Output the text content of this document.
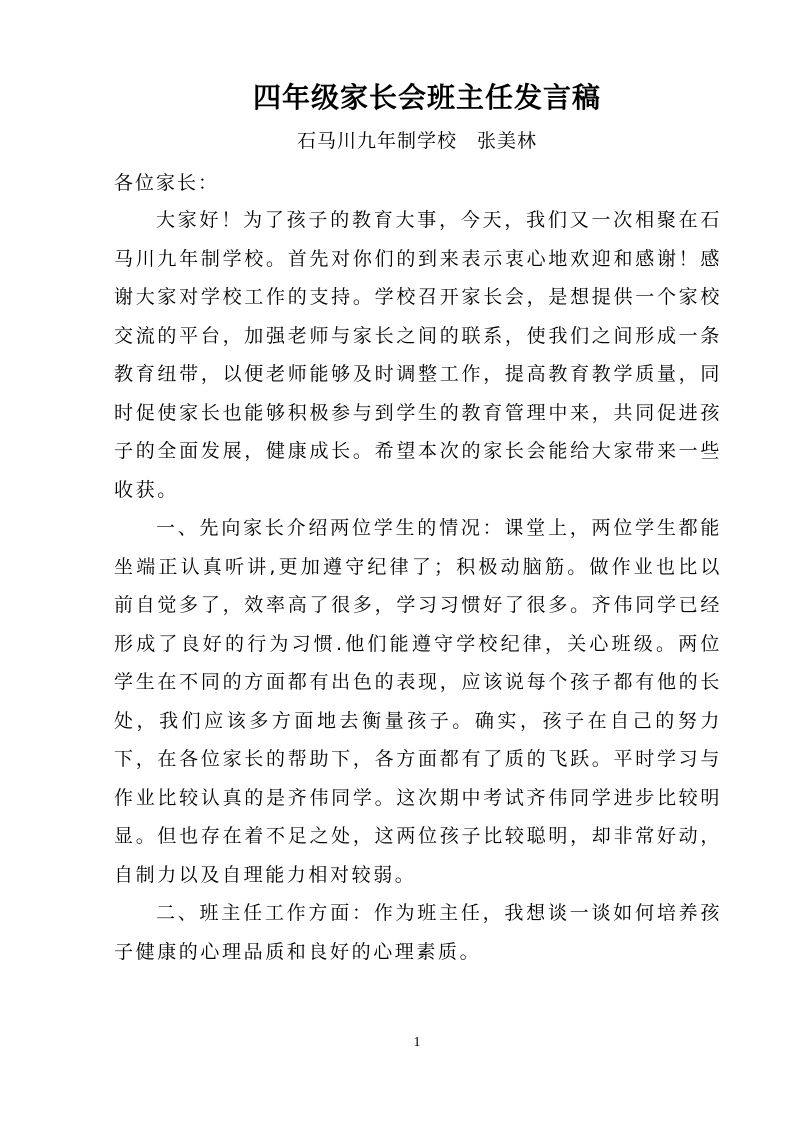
四年级家长会班主任发言稿
石马川九年制学校　张美林
各位家长：

大家好！为了孩子的教育大事，今天，我们又一次相聚在石马川九年制学校。首先对你们的到来表示衷心地欢迎和感谢！感谢大家对学校工作的支持。学校召开家长会，是想提供一个家校交流的平台，加强老师与家长之间的联系，使我们之间形成一条教育纽带，以便老师能够及时调整工作，提高教育教学质量，同时促使家长也能够积极参与到学生的教育管理中来，共同促进孩子的全面发展，健康成长。希望本次的家长会能给大家带来一些收获。

一、先向家长介绍两位学生的情况：课堂上，两位学生都能坐端正认真听讲,更加遵守纪律了；积极动脑筋。做作业也比以前自觉多了，效率高了很多，学习习惯好了很多。齐伟同学已经形成了良好的行为习惯.他们能遵守学校纪律，关心班级。两位学生在不同的方面都有出色的表现，应该说每个孩子都有他的长处，我们应该多方面地去衡量孩子。确实，孩子在自己的努力下，在各位家长的帮助下，各方面都有了质的飞跃。平时学习与作业比较认真的是齐伟同学。这次期中考试齐伟同学进步比较明显。但也存在着不足之处，这两位孩子比较聪明，却非常好动，自制力以及自理能力相对较弱。

二、班主任工作方面：作为班主任，我想谈一谈如何培养孩子健康的心理品质和良好的心理素质。

1
